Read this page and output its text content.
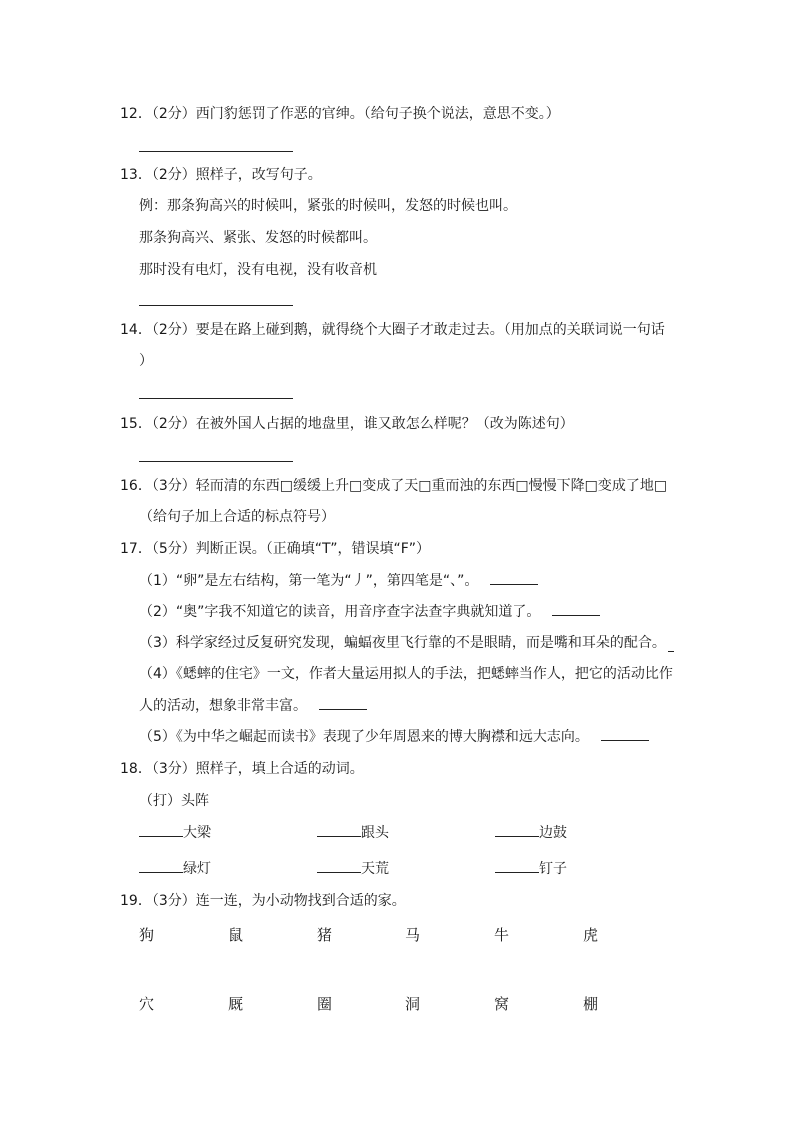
12．（2分）西门豹惩罚了作恶的官绅。（给句子换个说法，意思不变。）
13．（2分）照样子，改写句子。
例：那条狗高兴的时候叫，紧张的时候叫，发怒的时候也叫。
那条狗高兴、紧张、发怒的时候都叫。
那时没有电灯，没有电视，没有收音机
14．（2分）要是在路上碰到鹅，就得绕个大圈子才敢走过去。（用加点的关联词说一句话
）
15．（2分）在被外国人占据的地盘里，谁又敢怎么样呢？（改为陈述句）
16．（3分）轻而清的东西□缓缓上升□变成了天□重而浊的东西□慢慢下降□变成了地□
（给句子加上合适的标点符号）
17．（5分）判断正误。（正确填“T”，错误填“F”）
（1）“卵”是左右结构，第一笔为“丿”，第四笔是“、”。
（2）“奥”字我不知道它的读音，用音序查字法查字典就知道了。
（3）科学家经过反复研究发现，蝙蝠夜里飞行靠的不是眼睛，而是嘴和耳朵的配合。
（4）《蟋蟀的住宅》一文，作者大量运用拟人的手法，把蟋蟀当作人，把它的活动比作
人的活动，想象非常丰富。
（5）《为中华之崛起而读书》表现了少年周恩来的博大胸襟和远大志向。
18．（3分）照样子，填上合适的动词。
（打）头阵
大梁	跟头	边鼓
绿灯	天荒	钉子
19．（3分）连一连，为小动物找到合适的家。
狗	鼠	猪	马	牛	虎
穴	厩	圈	洞	窝	棚
